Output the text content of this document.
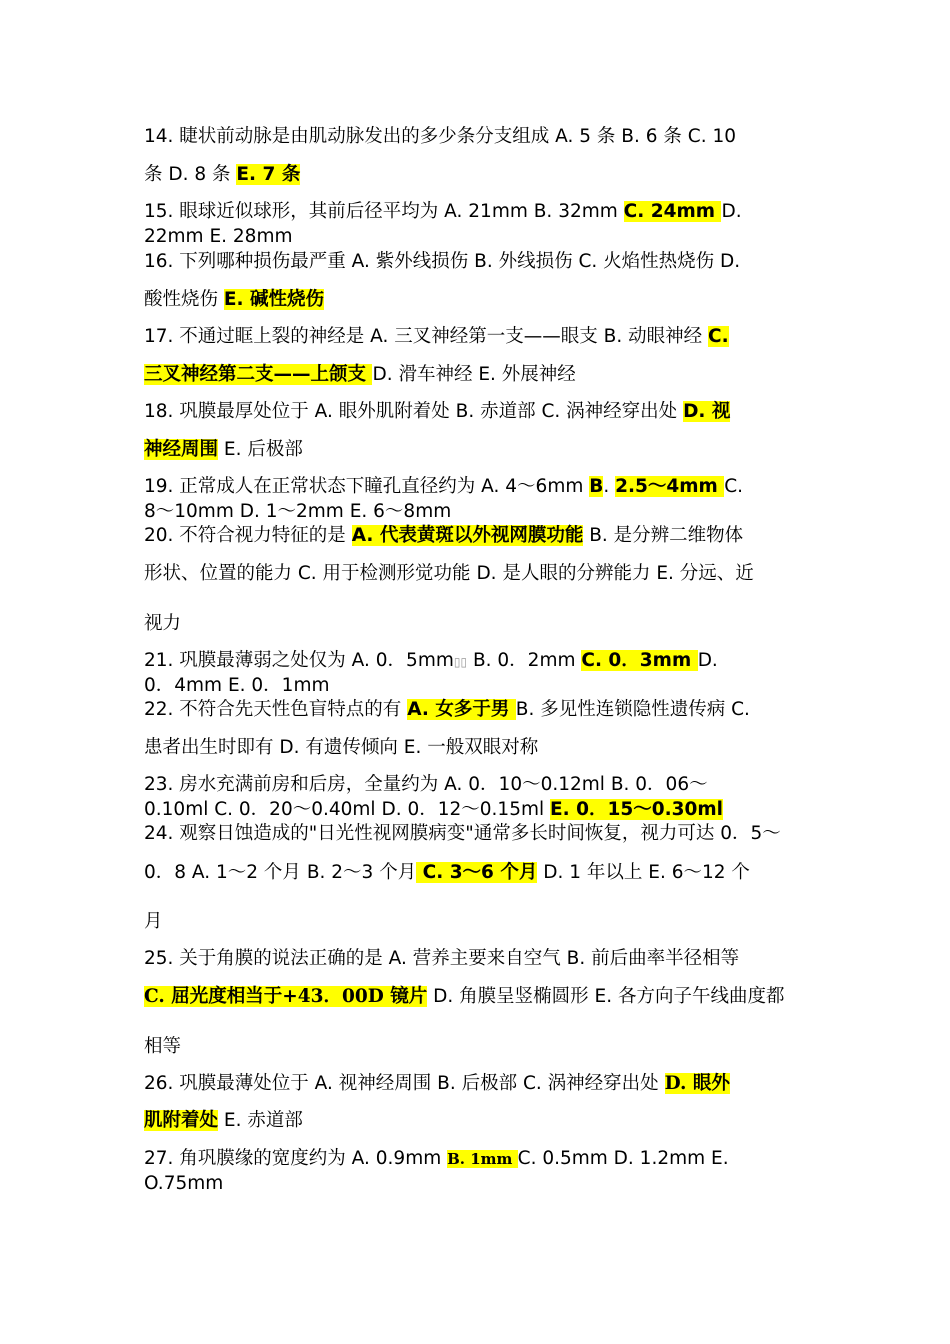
14. 睫状前动脉是由肌动脉发出的多少条分支组成 A. 5 条 B. 6 条 C. 10
条 D. 8 条 E. 7 条
15. 眼球近似球形，其前后径平均为 A. 21mm B. 32mm C. 24mm D.
22mm E. 28mm
16. 下列哪种损伤最严重 A. 紫外线损伤 B. 外线损伤 C. 火焰性热烧伤 D.
酸性烧伤 E. 碱性烧伤
17. 不通过眶上裂的神经是 A. 三叉神经第一支——眼支 B. 动眼神经 C.
三叉神经第二支——上颌支 D. 滑车神经 E. 外展神经
18. 巩膜最厚处位于 A. 眼外肌附着处 B. 赤道部 C. 涡神经穿出处 D. 视
神经周围 E. 后极部
19. 正常成人在正常状态下瞳孔直径约为 A. 4～6mm B. 2.5～4mm C.
8～10mm D. 1～2mm E. 6～8mm
20. 不符合视力特征的是 A. 代表黄斑以外视网膜功能 B. 是分辨二维物体
形状、位置的能力 C. 用于检测形觉功能 D. 是人眼的分辨能力 E. 分远、近
视力
21. 巩膜最薄弱之处仅为 A. 0．5mm▯▯ B. 0．2mm C. 0．3mm D.
0．4mm E. 0．1mm
22. 不符合先天性色盲特点的有 A. 女多于男 B. 多见性连锁隐性遗传病 C.
患者出生时即有 D. 有遗传倾向 E. 一般双眼对称
23. 房水充满前房和后房，全量约为 A. 0．10～0.12ml B. 0．06～
0.10ml C. 0．20～0.40ml D. 0．12～0.15ml E. 0．15～0.30ml
24. 观察日蚀造成的"日光性视网膜病变"通常多长时间恢复，视力可达 0．5～
0．8 A. 1～2 个月 B. 2～3 个月 C. 3～6 个月 D. 1 年以上 E. 6～12 个
月
25. 关于角膜的说法正确的是 A. 营养主要来自空气 B. 前后曲率半径相等
C. 屈光度相当于+43．00D 镜片 D. 角膜呈竖椭圆形 E. 各方向子午线曲度都
相等
26. 巩膜最薄处位于 A. 视神经周围 B. 后极部 C. 涡神经穿出处 D. 眼外
肌附着处 E. 赤道部
27. 角巩膜缘的宽度约为 A. 0.9mm B. 1mm C. 0.5mm D. 1.2mm E.
O.75mm
